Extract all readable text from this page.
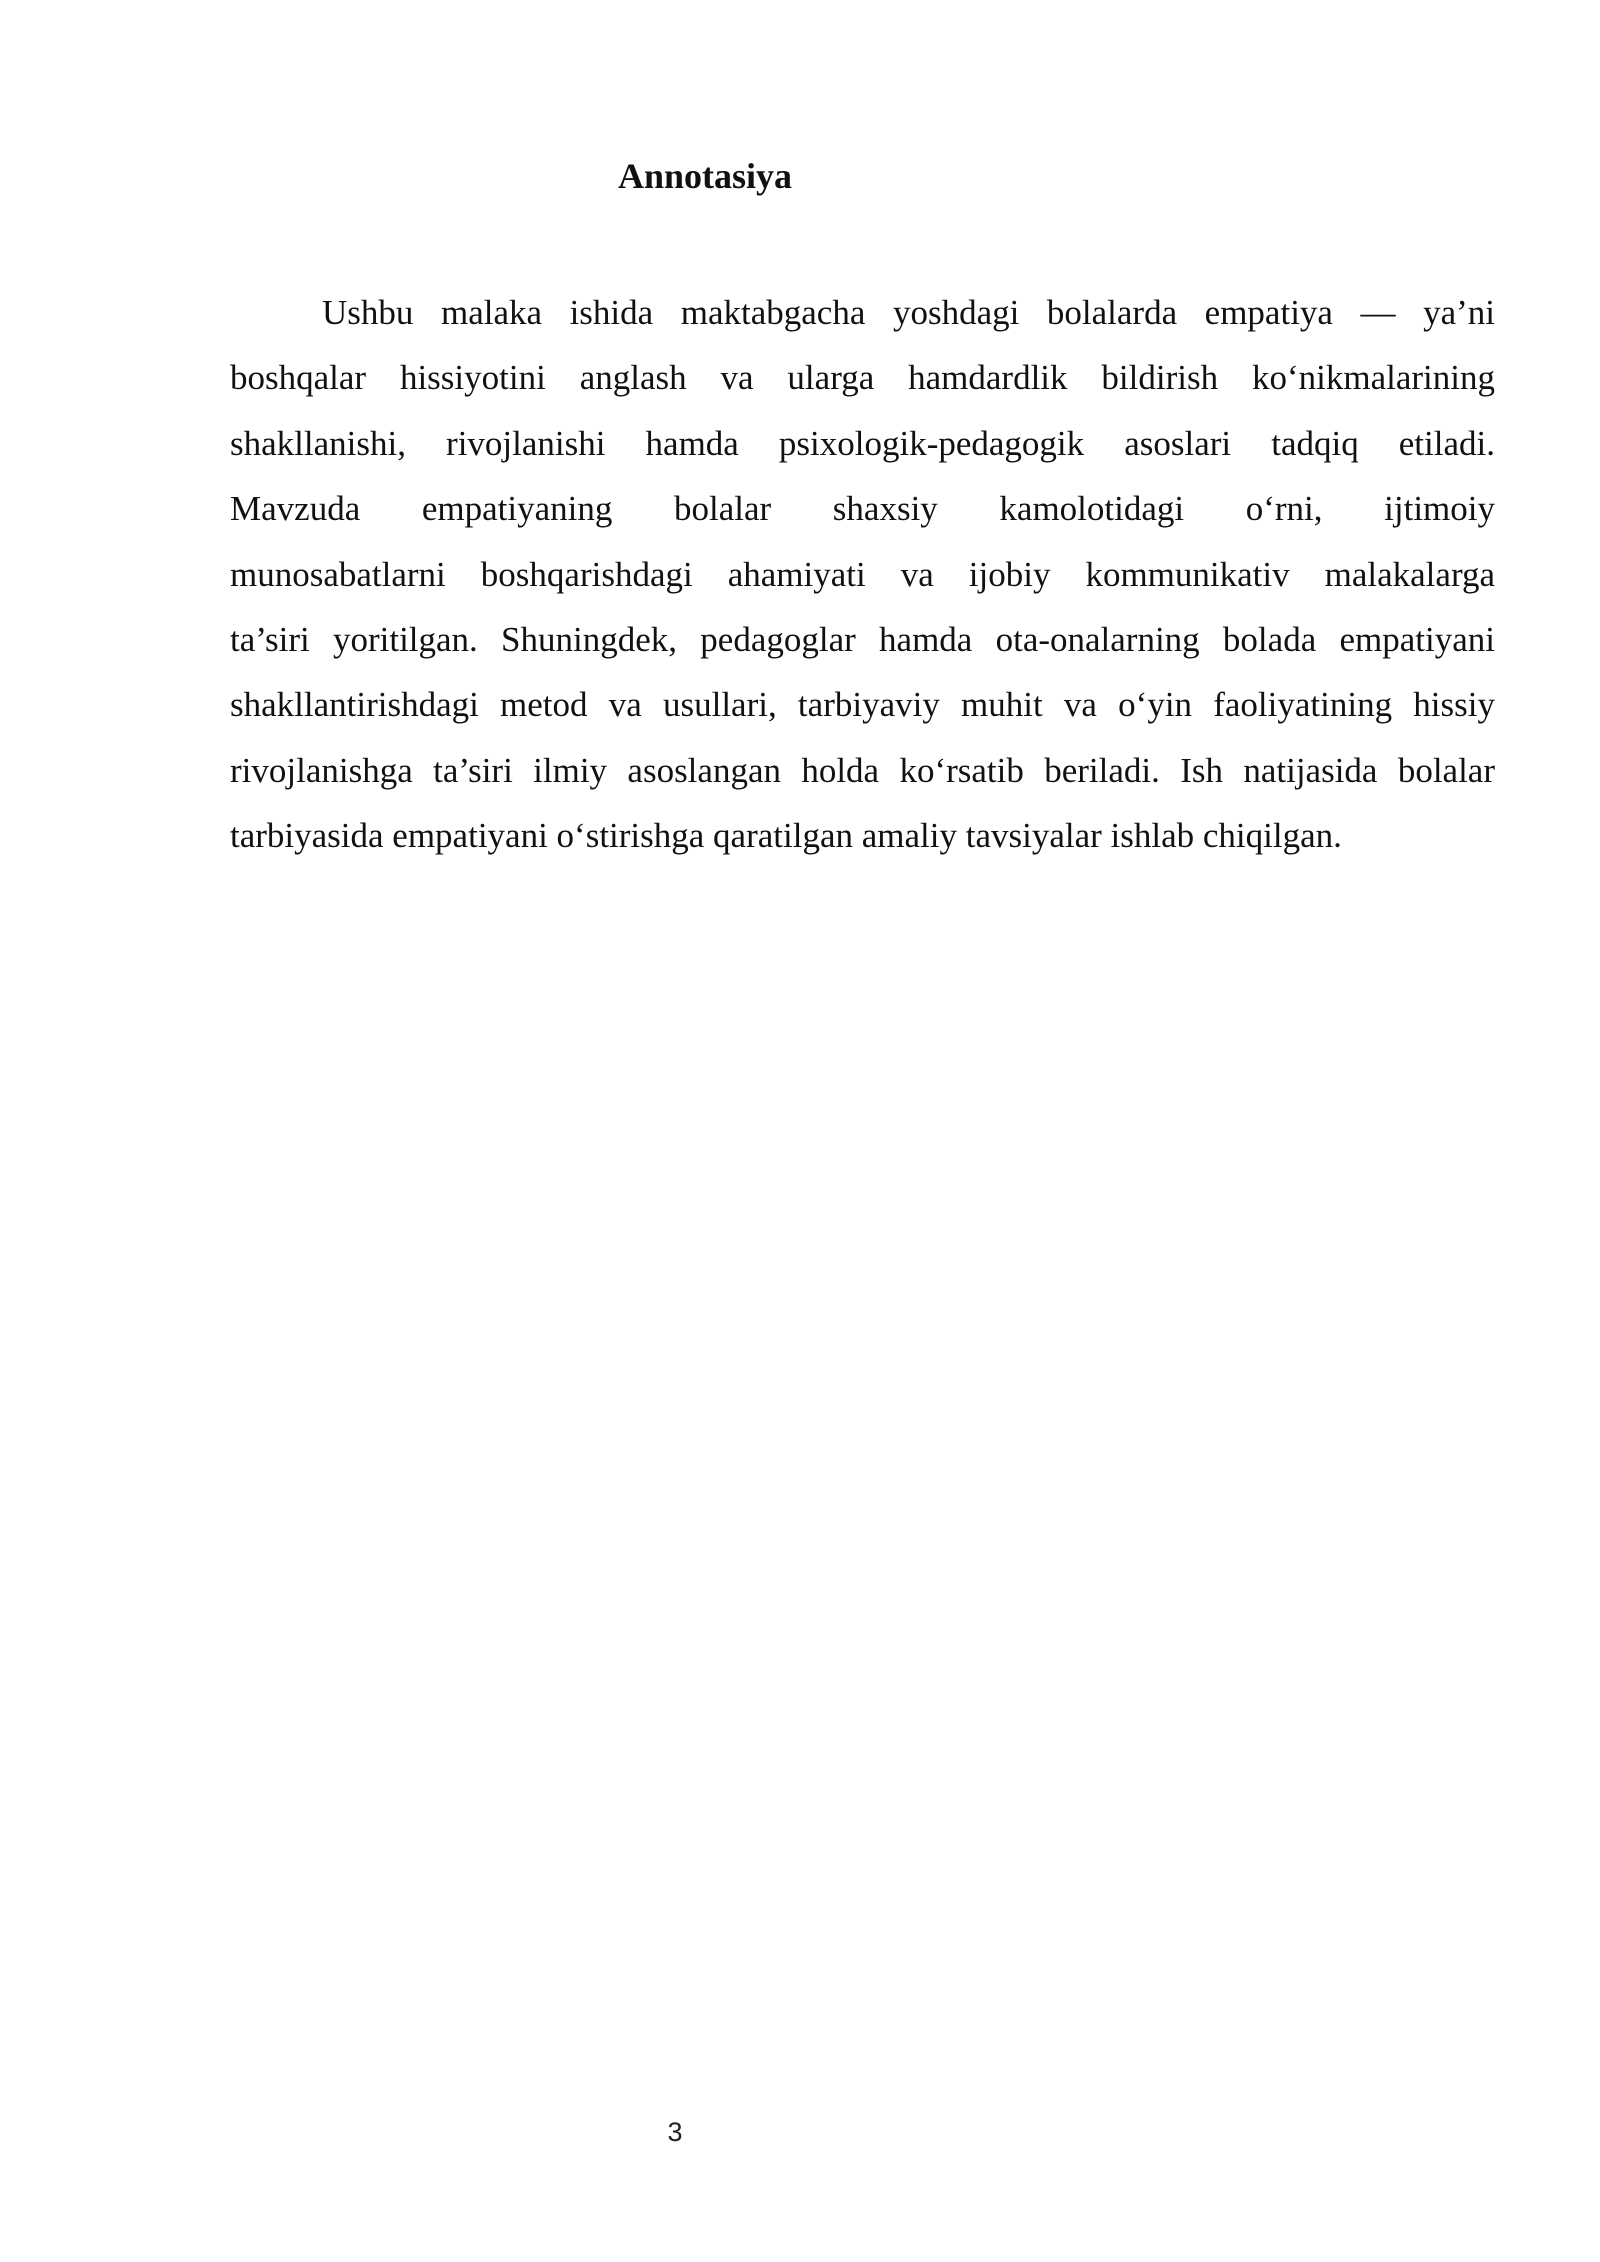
Annotasiya
Ushbu malaka ishida maktabgacha yoshdagi bolalarda empatiya — ya’ni
boshqalar hissiyotini anglash va ularga hamdardlik bildirish ko‘nikmalarining
shakllanishi, rivojlanishi hamda psixologik-pedagogik asoslari tadqiq etiladi.
Mavzuda empatiyaning bolalar shaxsiy kamolotidagi o‘rni, ijtimoiy
munosabatlarni boshqarishdagi ahamiyati va ijobiy kommunikativ malakalarga
ta’siri yoritilgan. Shuningdek, pedagoglar hamda ota-onalarning bolada empatiyani
shakllantirishdagi metod va usullari, tarbiyaviy muhit va o‘yin faoliyatining hissiy
rivojlanishga ta’siri ilmiy asoslangan holda ko‘rsatib beriladi. Ish natijasida bolalar
tarbiyasida empatiyani o‘stirishga qaratilgan amaliy tavsiyalar ishlab chiqilgan.
3
